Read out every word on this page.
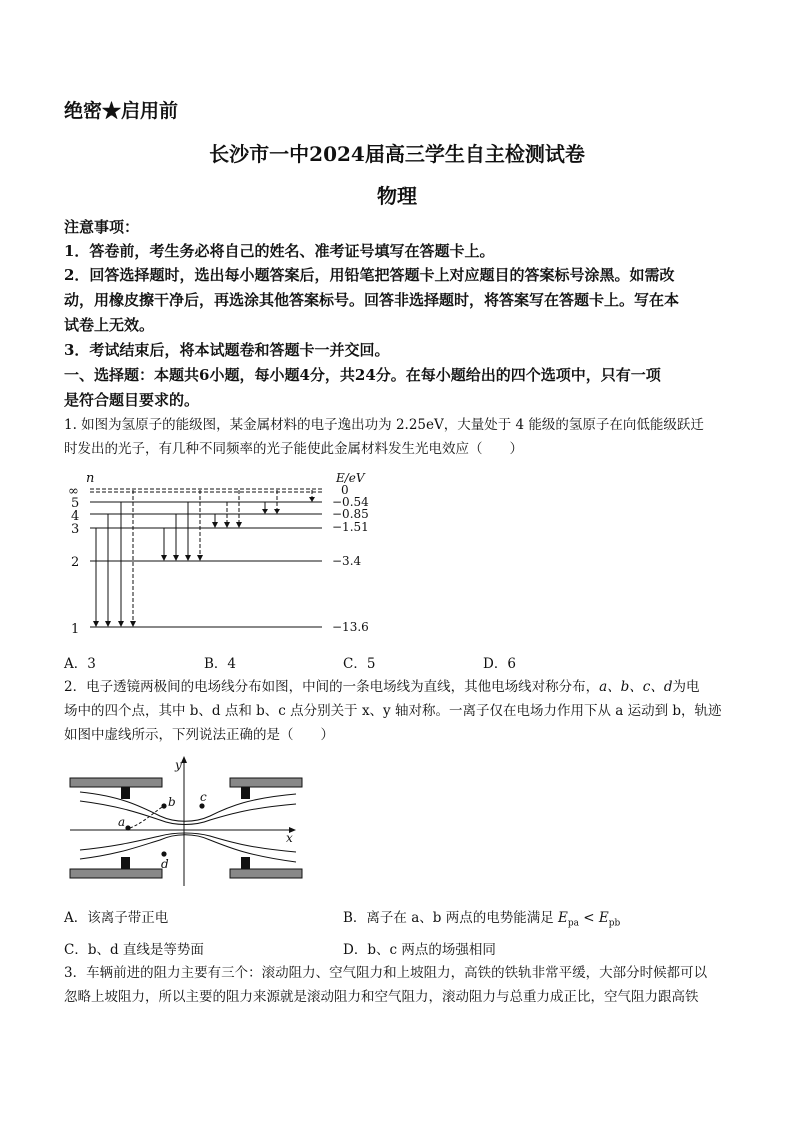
绝密★启用前
长沙市一中2024届高三学生自主检测试卷
物理
注意事项：
1．答卷前，考生务必将自己的姓名、准考证号填写在答题卡上。
2．回答选择题时，选出每小题答案后，用铅笔把答题卡上对应题目的答案标号涂黑。如需改
动，用橡皮擦干净后，再选涂其他答案标号。回答非选择题时，将答案写在答题卡上。写在本
试卷上无效。
3．考试结束后，将本试题卷和答题卡一并交回。
一、选择题：本题共6小题，每小题4分，共24分。在每小题给出的四个选项中，只有一项
是符合题目要求的。
1. 如图为氢原子的能级图，某金属材料的电子逸出功为 2.25eV，大量处于 4 能级的氢原子在向低能级跃迁
时发出的光子，有几种不同频率的光子能使此金属材料发生光电效应（　　）
n	E/eV
∞
5
4
3
2
1
0
−0.54
−0.85
−1.51
−3.4
−13.6
A．3	B．4	C．5	D．6
2．电子透镜两极间的电场线分布如图，中间的一条电场线为直线，其他电场线对称分布，a、b、c、d为电
场中的四个点，其中 b、d 点和 b、c 点分别关于 x、y 轴对称。一离子仅在电场力作用下从 a 运动到 b，轨迹
如图中虚线所示，下列说法正确的是（　　）
y
x
a
b c
d
A．该离子带正电	B．离子在 a、b 两点的电势能满足 $E_{pa} < E_{pb}$
C．b、d 直线是等势面	D．b、c 两点的场强相同
3．车辆前进的阻力主要有三个：滚动阻力、空气阻力和上坡阻力，高铁的铁轨非常平缓，大部分时候都可以
忽略上坡阻力，所以主要的阻力来源就是滚动阻力和空气阻力，滚动阻力与总重力成正比，空气阻力跟高铁
